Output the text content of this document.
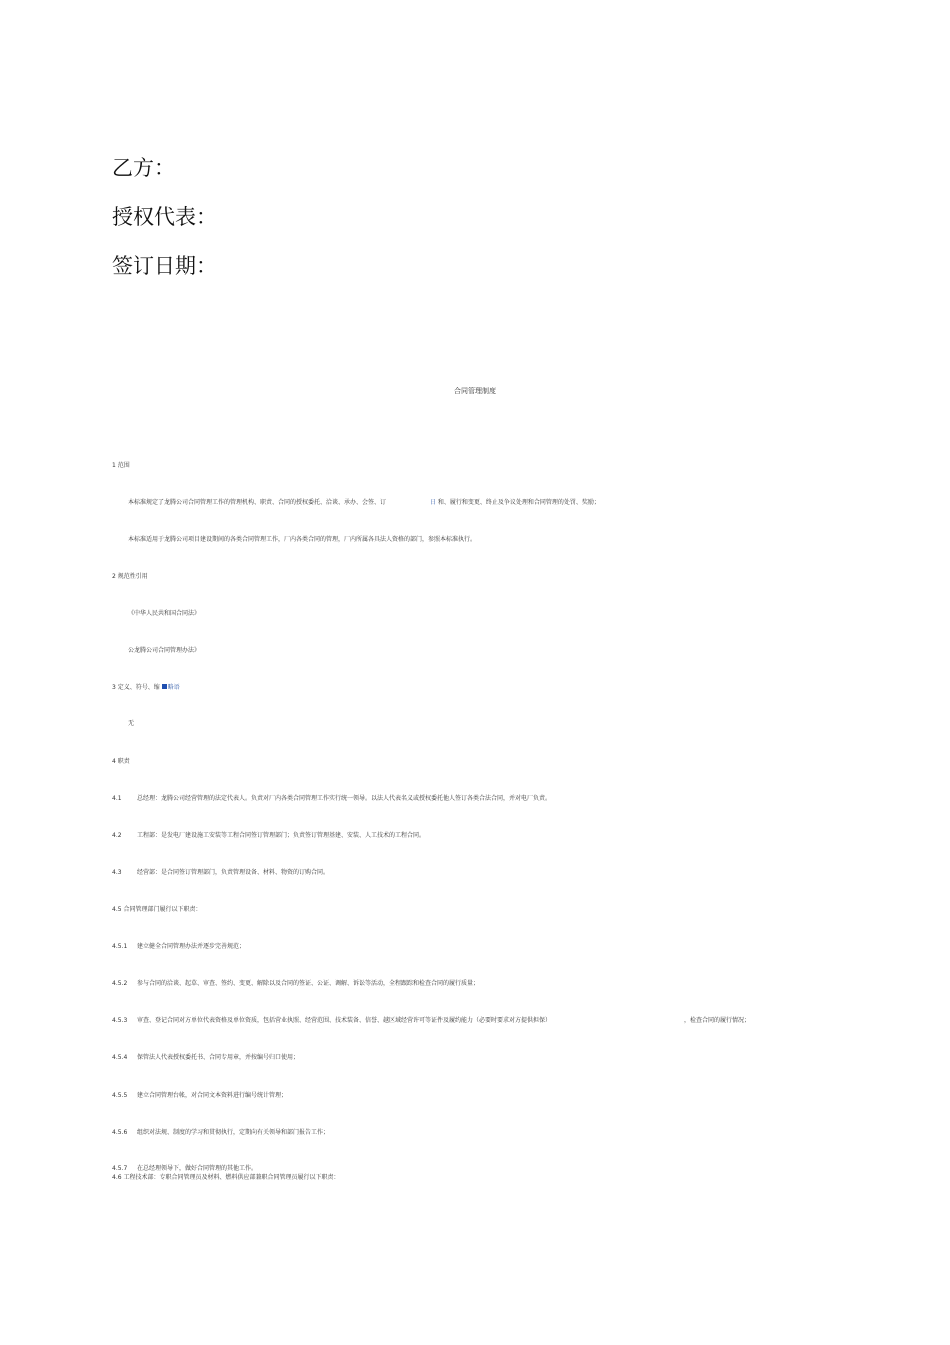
乙方：
授权代表：
签订日期：
合同管理制度
1 范围
本标准规定了龙腾公司合同管理工作的管理机构、职责、合同的授权委托、洽谈、承办、会签、订	日 和、履行和变更、终止及争议处理和合同管理的处罚、奖励；
本标准适用于龙腾公司项目建设期间的各类合同管理工作，厂内各类合同的管理，厂内所属各具法人资格的部门，参照本标准执行。
2 规范性引用
《中华人民共和国合同法》
公龙腾公司合同管理办法》
3 定义、符号、缩 略语
无
4 职责
4.1	总经理：龙腾公司经营管理的法定代表人。负责对厂内各类合同管理工作实行统一领导。以法人代表名义或授权委托他人签订各类合法合同，并对电厂负责。
4.2	工程部：是发电厂建设施工安装等工程合同签订管理部门；负责签订管理基建、安装、人工技术的工程合同。
4.3	经营部：是合同签订管理部门，负责管理设备、材料、物资的订购合同。
4.5 合同管理部门履行以下职责：
4.5.1 建立健全合同管理办法并逐步完善规范；
4.5.2 参与合同的洽谈、起草、审查、签约、变更、解除以及合同的签证、公证、调解、诉讼等活动，全程跟踪和检查合同的履行质量；
4.5.3 审查、登记合同对方单位代表资格及单位资质，包括营业执照、经营范围、技术装备、信誉、越区域经营许可等证件及履约能力（必要时要求对方提供担保）	，检查合同的履行情况；
4.5.4 保管法人代表授权委托书、合同专用章，并按编号归口使用；
4.5.5 建立合同管理台帐，对合同文本资料进行编号统计管理；
4.5.6 组织对法规、制度的学习和贯彻执行，定期向有关领导和部门报告工作；
4.5.7 在总经理领导下，做好合同管理的其他工作。
4.6 工程技术部：专职合同管理员及材料、燃料供应部兼职合同管理员履行以下职责：
